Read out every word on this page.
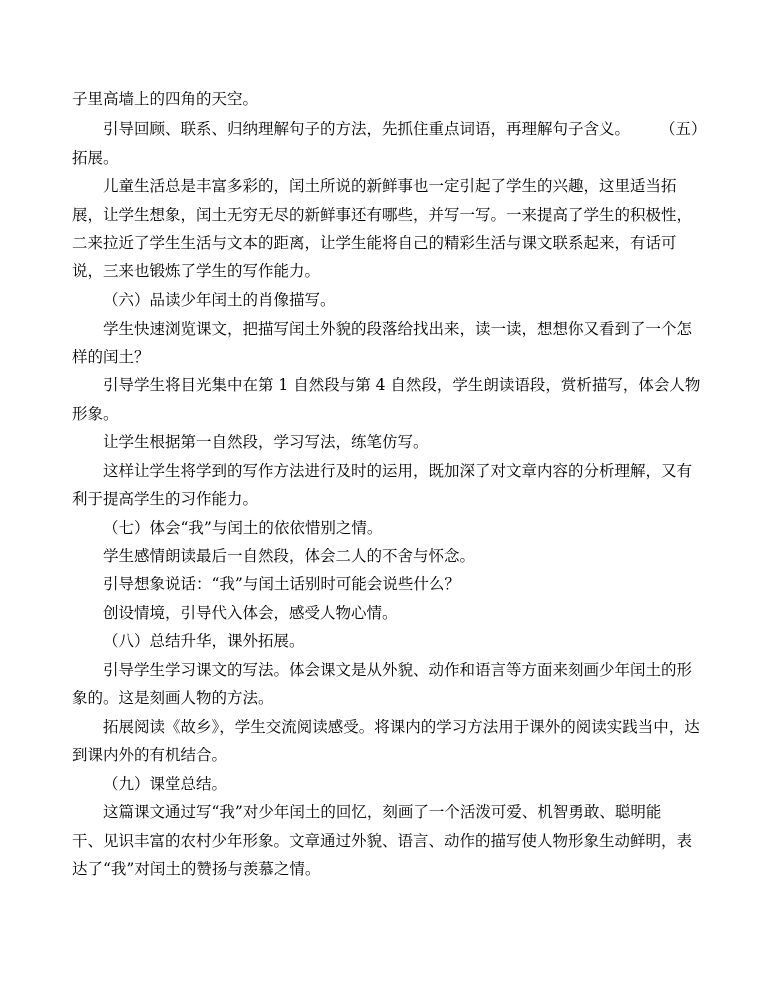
子里高墙上的四角的天空。
引导回顾、联系、归纳理解句子的方法，先抓住重点词语，再理解句子含义。 （五）
拓展。
儿童生活总是丰富多彩的，闰土所说的新鲜事也一定引起了学生的兴趣，这里适当拓
展，让学生想象，闰土无穷无尽的新鲜事还有哪些，并写一写。一来提高了学生的积极性，
二来拉近了学生生活与文本的距离，让学生能将自己的精彩生活与课文联系起来，有话可
说，三来也锻炼了学生的写作能力。
（六）品读少年闰土的肖像描写。
学生快速浏览课文，把描写闰土外貌的段落给找出来，读一读，想想你又看到了一个怎
样的闰土？
引导学生将目光集中在第 1 自然段与第 4 自然段，学生朗读语段，赏析描写，体会人物
形象。
让学生根据第一自然段，学习写法，练笔仿写。
这样让学生将学到的写作方法进行及时的运用，既加深了对文章内容的分析理解，又有
利于提高学生的习作能力。
（七）体会“我”与闰土的依依惜别之情。
学生感情朗读最后一自然段，体会二人的不舍与怀念。
引导想象说话：“我”与闰土话别时可能会说些什么？
创设情境，引导代入体会，感受人物心情。
（八）总结升华，课外拓展。
引导学生学习课文的写法。体会课文是从外貌、动作和语言等方面来刻画少年闰土的形
象的。这是刻画人物的方法。
拓展阅读《故乡》，学生交流阅读感受。将课内的学习方法用于课外的阅读实践当中，达
到课内外的有机结合。
（九）课堂总结。
这篇课文通过写“我”对少年闰土的回忆，刻画了一个活泼可爱、机智勇敢、聪明能
干、见识丰富的农村少年形象。文章通过外貌、语言、动作的描写使人物形象生动鲜明，表
达了“我”对闰土的赞扬与羡慕之情。
